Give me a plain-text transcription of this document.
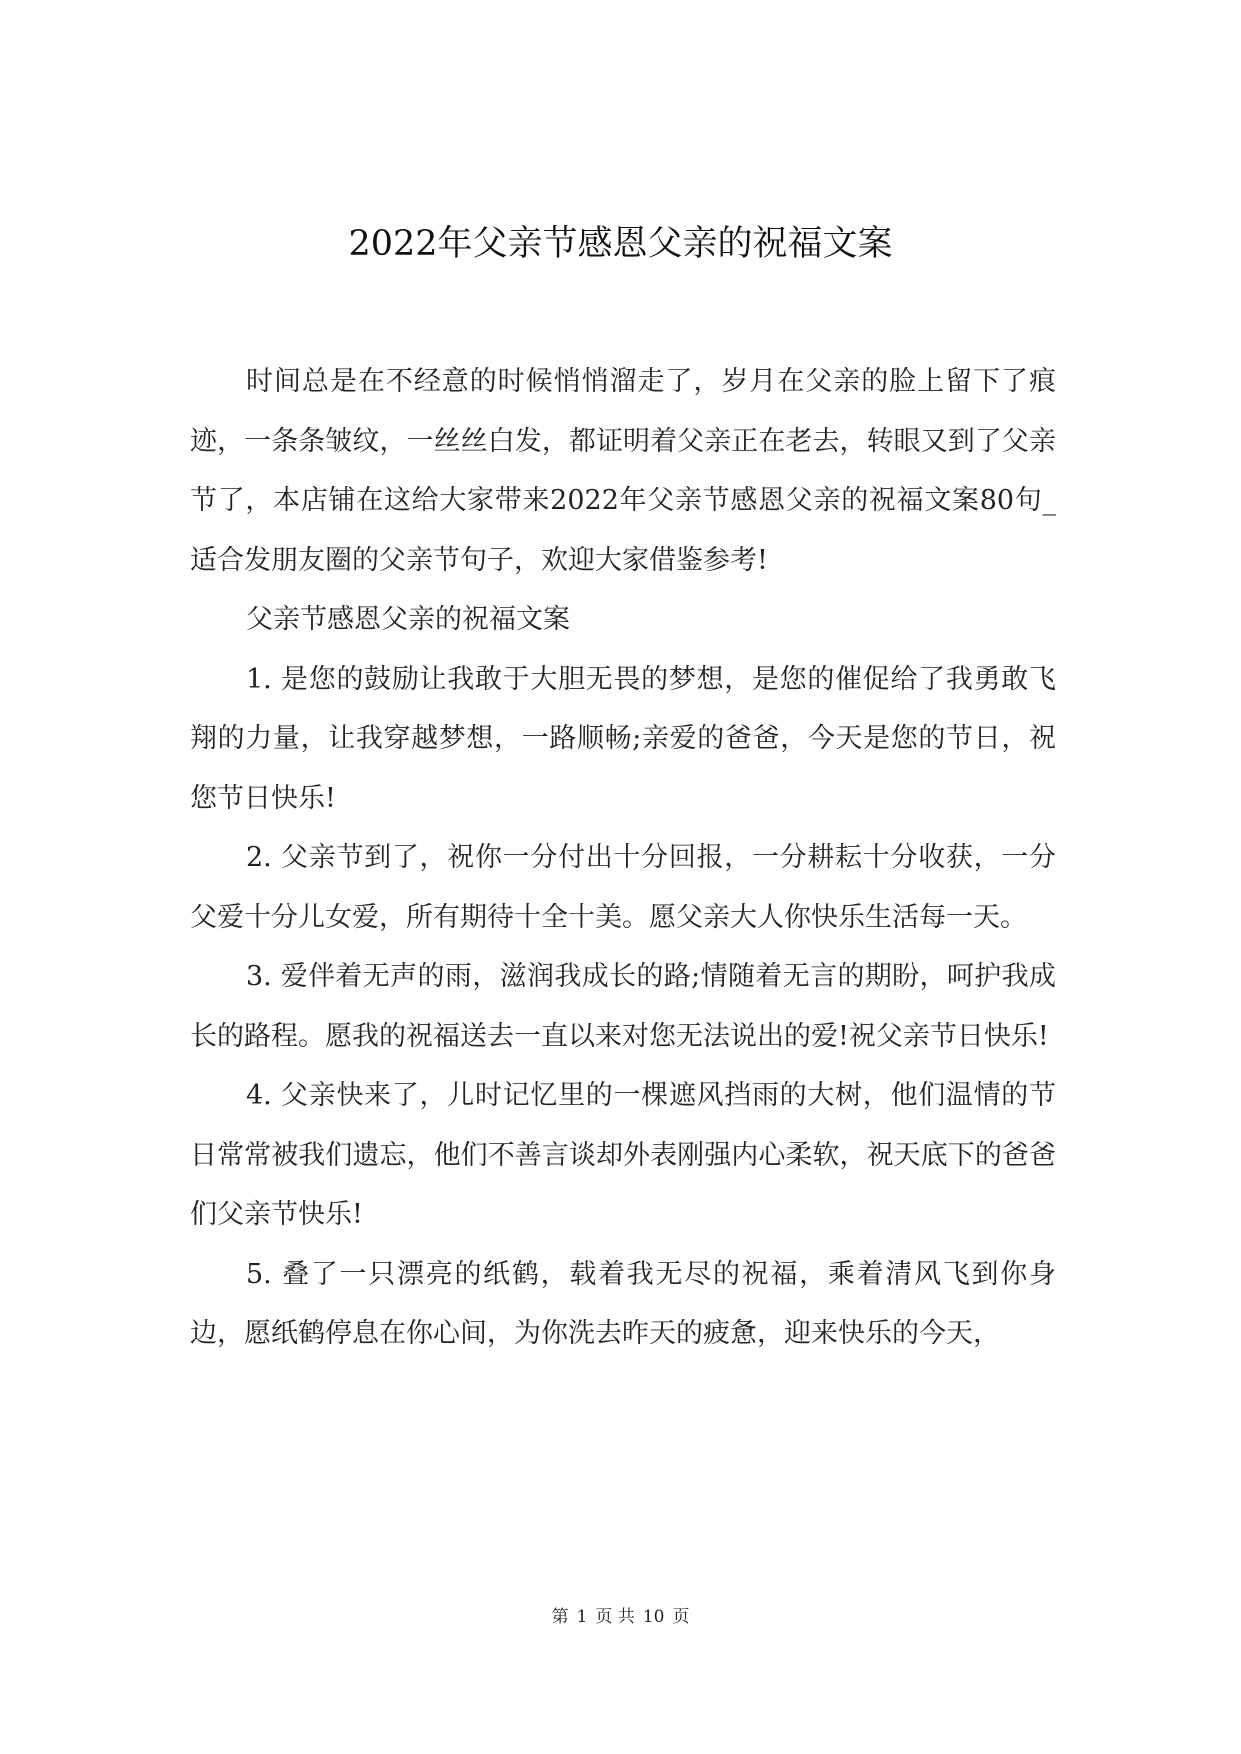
2022年父亲节感恩父亲的祝福文案

时间总是在不经意的时候悄悄溜走了，岁月在父亲的脸上留下了痕迹，一条条皱纹，一丝丝白发，都证明着父亲正在老去，转眼又到了父亲节了，本店铺在这给大家带来2022年父亲节感恩父亲的祝福文案80句_适合发朋友圈的父亲节句子，欢迎大家借鉴参考!

父亲节感恩父亲的祝福文案

1. 是您的鼓励让我敢于大胆无畏的梦想，是您的催促给了我勇敢飞翔的力量，让我穿越梦想，一路顺畅;亲爱的爸爸，今天是您的节日，祝您节日快乐!

2. 父亲节到了，祝你一分付出十分回报，一分耕耘十分收获，一分父爱十分儿女爱，所有期待十全十美。愿父亲大人你快乐生活每一天。

3. 爱伴着无声的雨，滋润我成长的路;情随着无言的期盼，呵护我成长的路程。愿我的祝福送去一直以来对您无法说出的爱!祝父亲节日快乐!

4. 父亲快来了，儿时记忆里的一棵遮风挡雨的大树，他们温情的节日常常被我们遗忘，他们不善言谈却外表刚强内心柔软，祝天底下的爸爸们父亲节快乐!

5. 叠了一只漂亮的纸鹤，载着我无尽的祝福，乘着清风飞到你身边，愿纸鹤停息在你心间，为你洗去昨天的疲惫，迎来快乐的今天，

第 1 页 共 10 页
